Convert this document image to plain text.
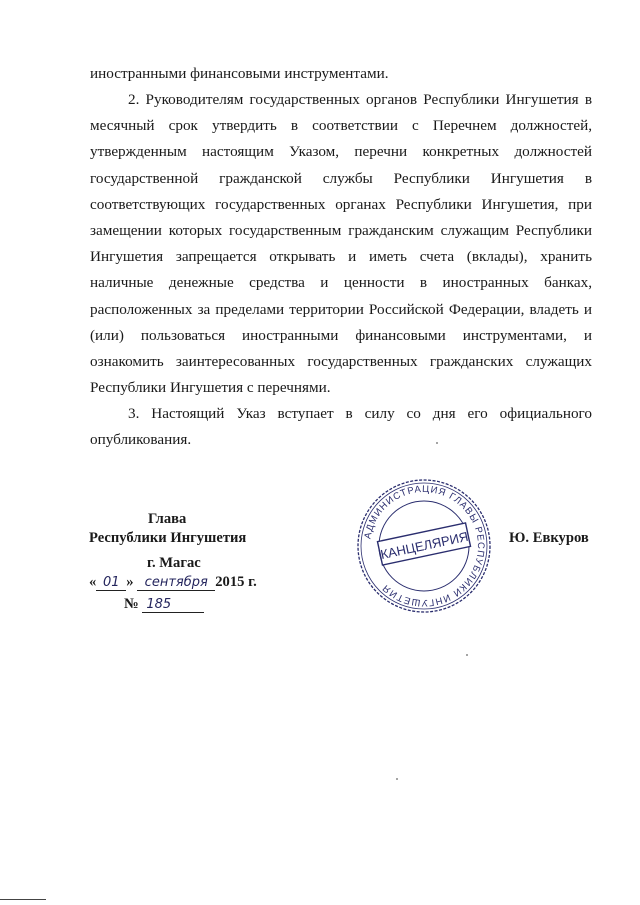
иностранными финансовыми инструментами.

2. Руководителям государственных органов Республики Ингушетия в месячный срок утвердить в соответствии с Перечнем должностей, утвержденным настоящим Указом, перечни конкретных должностей государственной гражданской службы Республики Ингушетия в соответствующих государственных органах Республики Ингушетия, при замещении которых государственным гражданским служащим Республики Ингушетия запрещается открывать и иметь счета (вклады), хранить наличные денежные средства и ценности в иностранных банках, расположенных за пределами территории Российской Федерации, владеть и (или) пользоваться иностранными финансовыми инструментами, и ознакомить заинтересованных государственных гражданских служащих Республики Ингушетия с перечнями.

3. Настоящий Указ вступает в силу со дня его официального опубликования.

Глава
Республики Ингушетия	Ю. Евкуров
г. Магас
« 01 » сентября 2015 г.
№ 185
АДМИНИСТРАЦИЯ ГЛАВЫ РЕСПУБЛИКИ ИНГУШЕТИЯ
КАНЦЕЛЯРИЯ
